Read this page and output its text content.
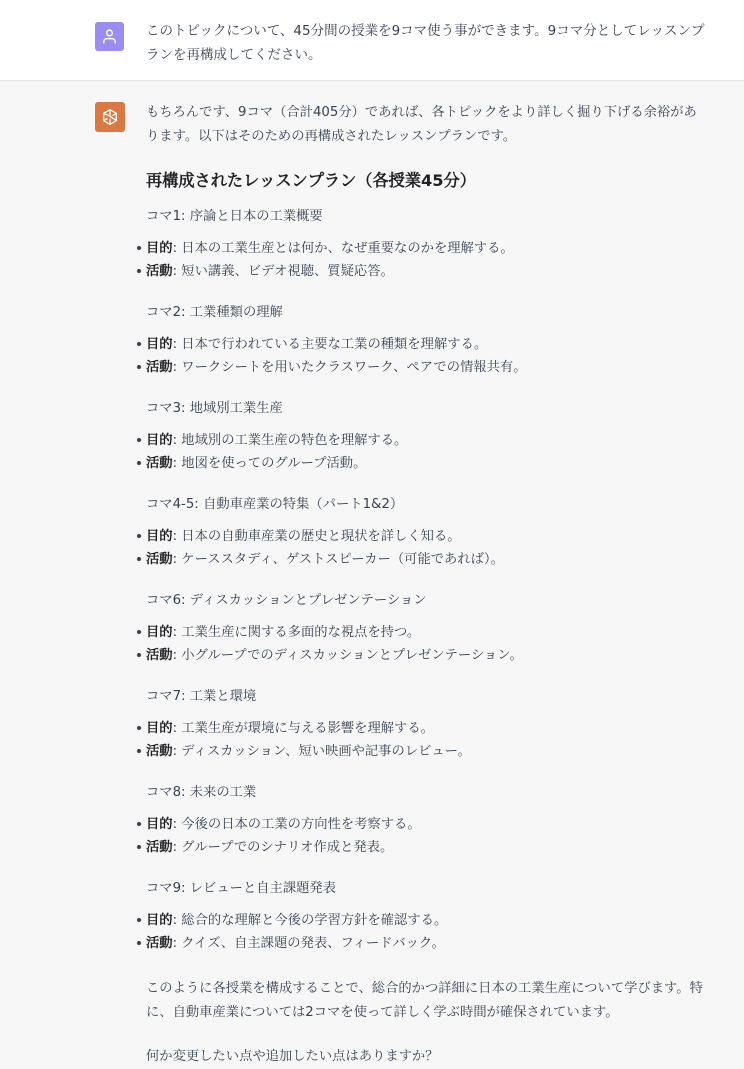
このトピックについて、45分間の授業を9コマ使う事ができます。9コマ分としてレッスンプランを再構成してください。

もちろんです、9コマ（合計405分）であれば、各トピックをより詳しく掘り下げる余裕があります。以下はそのための再構成されたレッスンプランです。

再構成されたレッスンプラン（各授業45分）

コマ1: 序論と日本の工業概要

目的: 日本の工業生産とは何か、なぜ重要なのかを理解する。
活動: 短い講義、ビデオ視聴、質疑応答。

コマ2: 工業種類の理解

目的: 日本で行われている主要な工業の種類を理解する。
活動: ワークシートを用いたクラスワーク、ペアでの情報共有。

コマ3: 地域別工業生産

目的: 地域別の工業生産の特色を理解する。
活動: 地図を使ってのグループ活動。

コマ4-5: 自動車産業の特集（パート1&2）

目的: 日本の自動車産業の歴史と現状を詳しく知る。
活動: ケーススタディ、ゲストスピーカー（可能であれば）。

コマ6: ディスカッションとプレゼンテーション

目的: 工業生産に関する多面的な視点を持つ。
活動: 小グループでのディスカッションとプレゼンテーション。

コマ7: 工業と環境

目的: 工業生産が環境に与える影響を理解する。
活動: ディスカッション、短い映画や記事のレビュー。

コマ8: 未来の工業

目的: 今後の日本の工業の方向性を考察する。
活動: グループでのシナリオ作成と発表。

コマ9: レビューと自主課題発表

目的: 総合的な理解と今後の学習方針を確認する。
活動: クイズ、自主課題の発表、フィードバック。

このように各授業を構成することで、総合的かつ詳細に日本の工業生産について学びます。特に、自動車産業については2コマを使って詳しく学ぶ時間が確保されています。

何か変更したい点や追加したい点はありますか？
